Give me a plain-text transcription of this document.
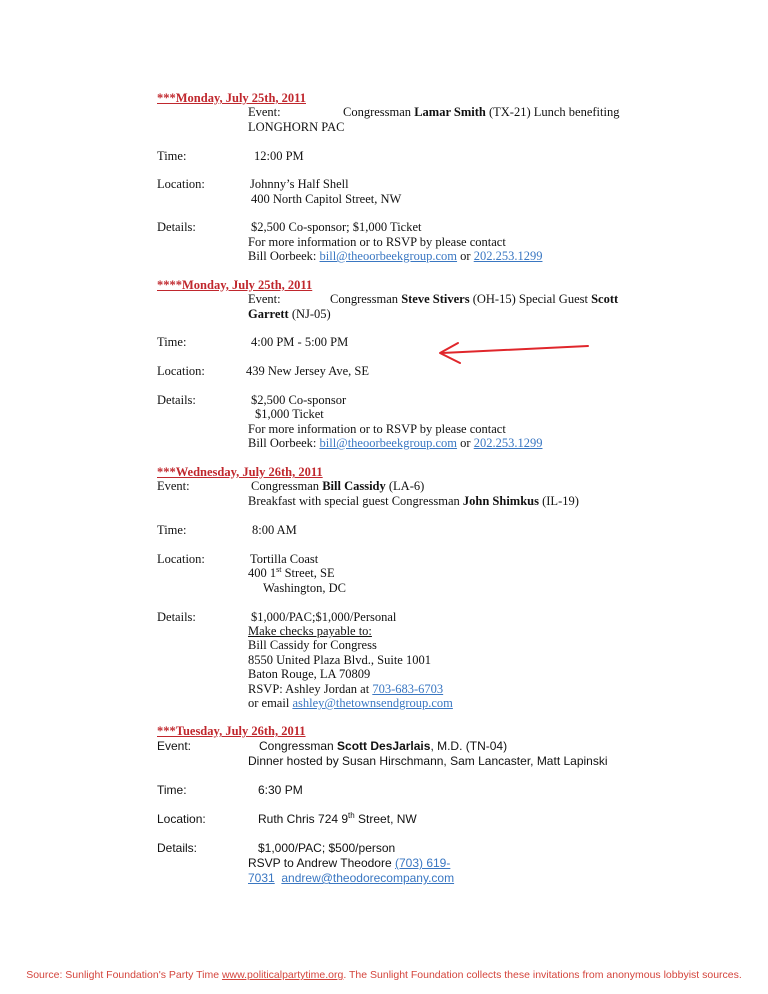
***Monday, July 25th, 2011
Event:	Congressman Lamar Smith (TX-21) Lunch benefiting
LONGHORN PAC
Time:	12:00 PM
Location:	Johnny’s Half Shell
400 North Capitol Street, NW
Details:	$2,500 Co-sponsor; $1,000 Ticket
For more information or to RSVP by please contact
Bill Oorbeek: bill@theoorbeekgroup.com or 202.253.1299
****Monday, July 25th, 2011
Event:	Congressman Steve Stivers (OH-15) Special Guest Scott
Garrett (NJ-05)
Time:	4:00 PM - 5:00 PM
Location:	439 New Jersey Ave, SE
Details:	$2,500 Co-sponsor
$1,000 Ticket
For more information or to RSVP by please contact
Bill Oorbeek: bill@theoorbeekgroup.com or 202.253.1299
***Wednesday, July 26th, 2011
Event:	Congressman Bill Cassidy (LA-6)
Breakfast with special guest Congressman John Shimkus (IL-19)
Time:	8:00 AM
Location:	Tortilla Coast
400 1st Street, SE
Washington, DC
Details:	$1,000/PAC;$1,000/Personal
Make checks payable to:
Bill Cassidy for Congress
8550 United Plaza Blvd., Suite 1001
Baton Rouge, LA 70809
RSVP: Ashley Jordan at 703-683-6703
or email ashley@thetownsendgroup.com
***Tuesday, July 26th, 2011
Event:	Congressman Scott DesJarlais, M.D. (TN-04)
Dinner hosted by Susan Hirschmann, Sam Lancaster, Matt Lapinski
Time:	6:30 PM
Location:	Ruth Chris 724 9th Street, NW
Details:	$1,000/PAC; $500/person
RSVP to Andrew Theodore (703) 619-
7031 andrew@theodorecompany.com
Source: Sunlight Foundation's Party Time www.politicalpartytime.org. The Sunlight Foundation collects these invitations from anonymous lobbyist sources.
